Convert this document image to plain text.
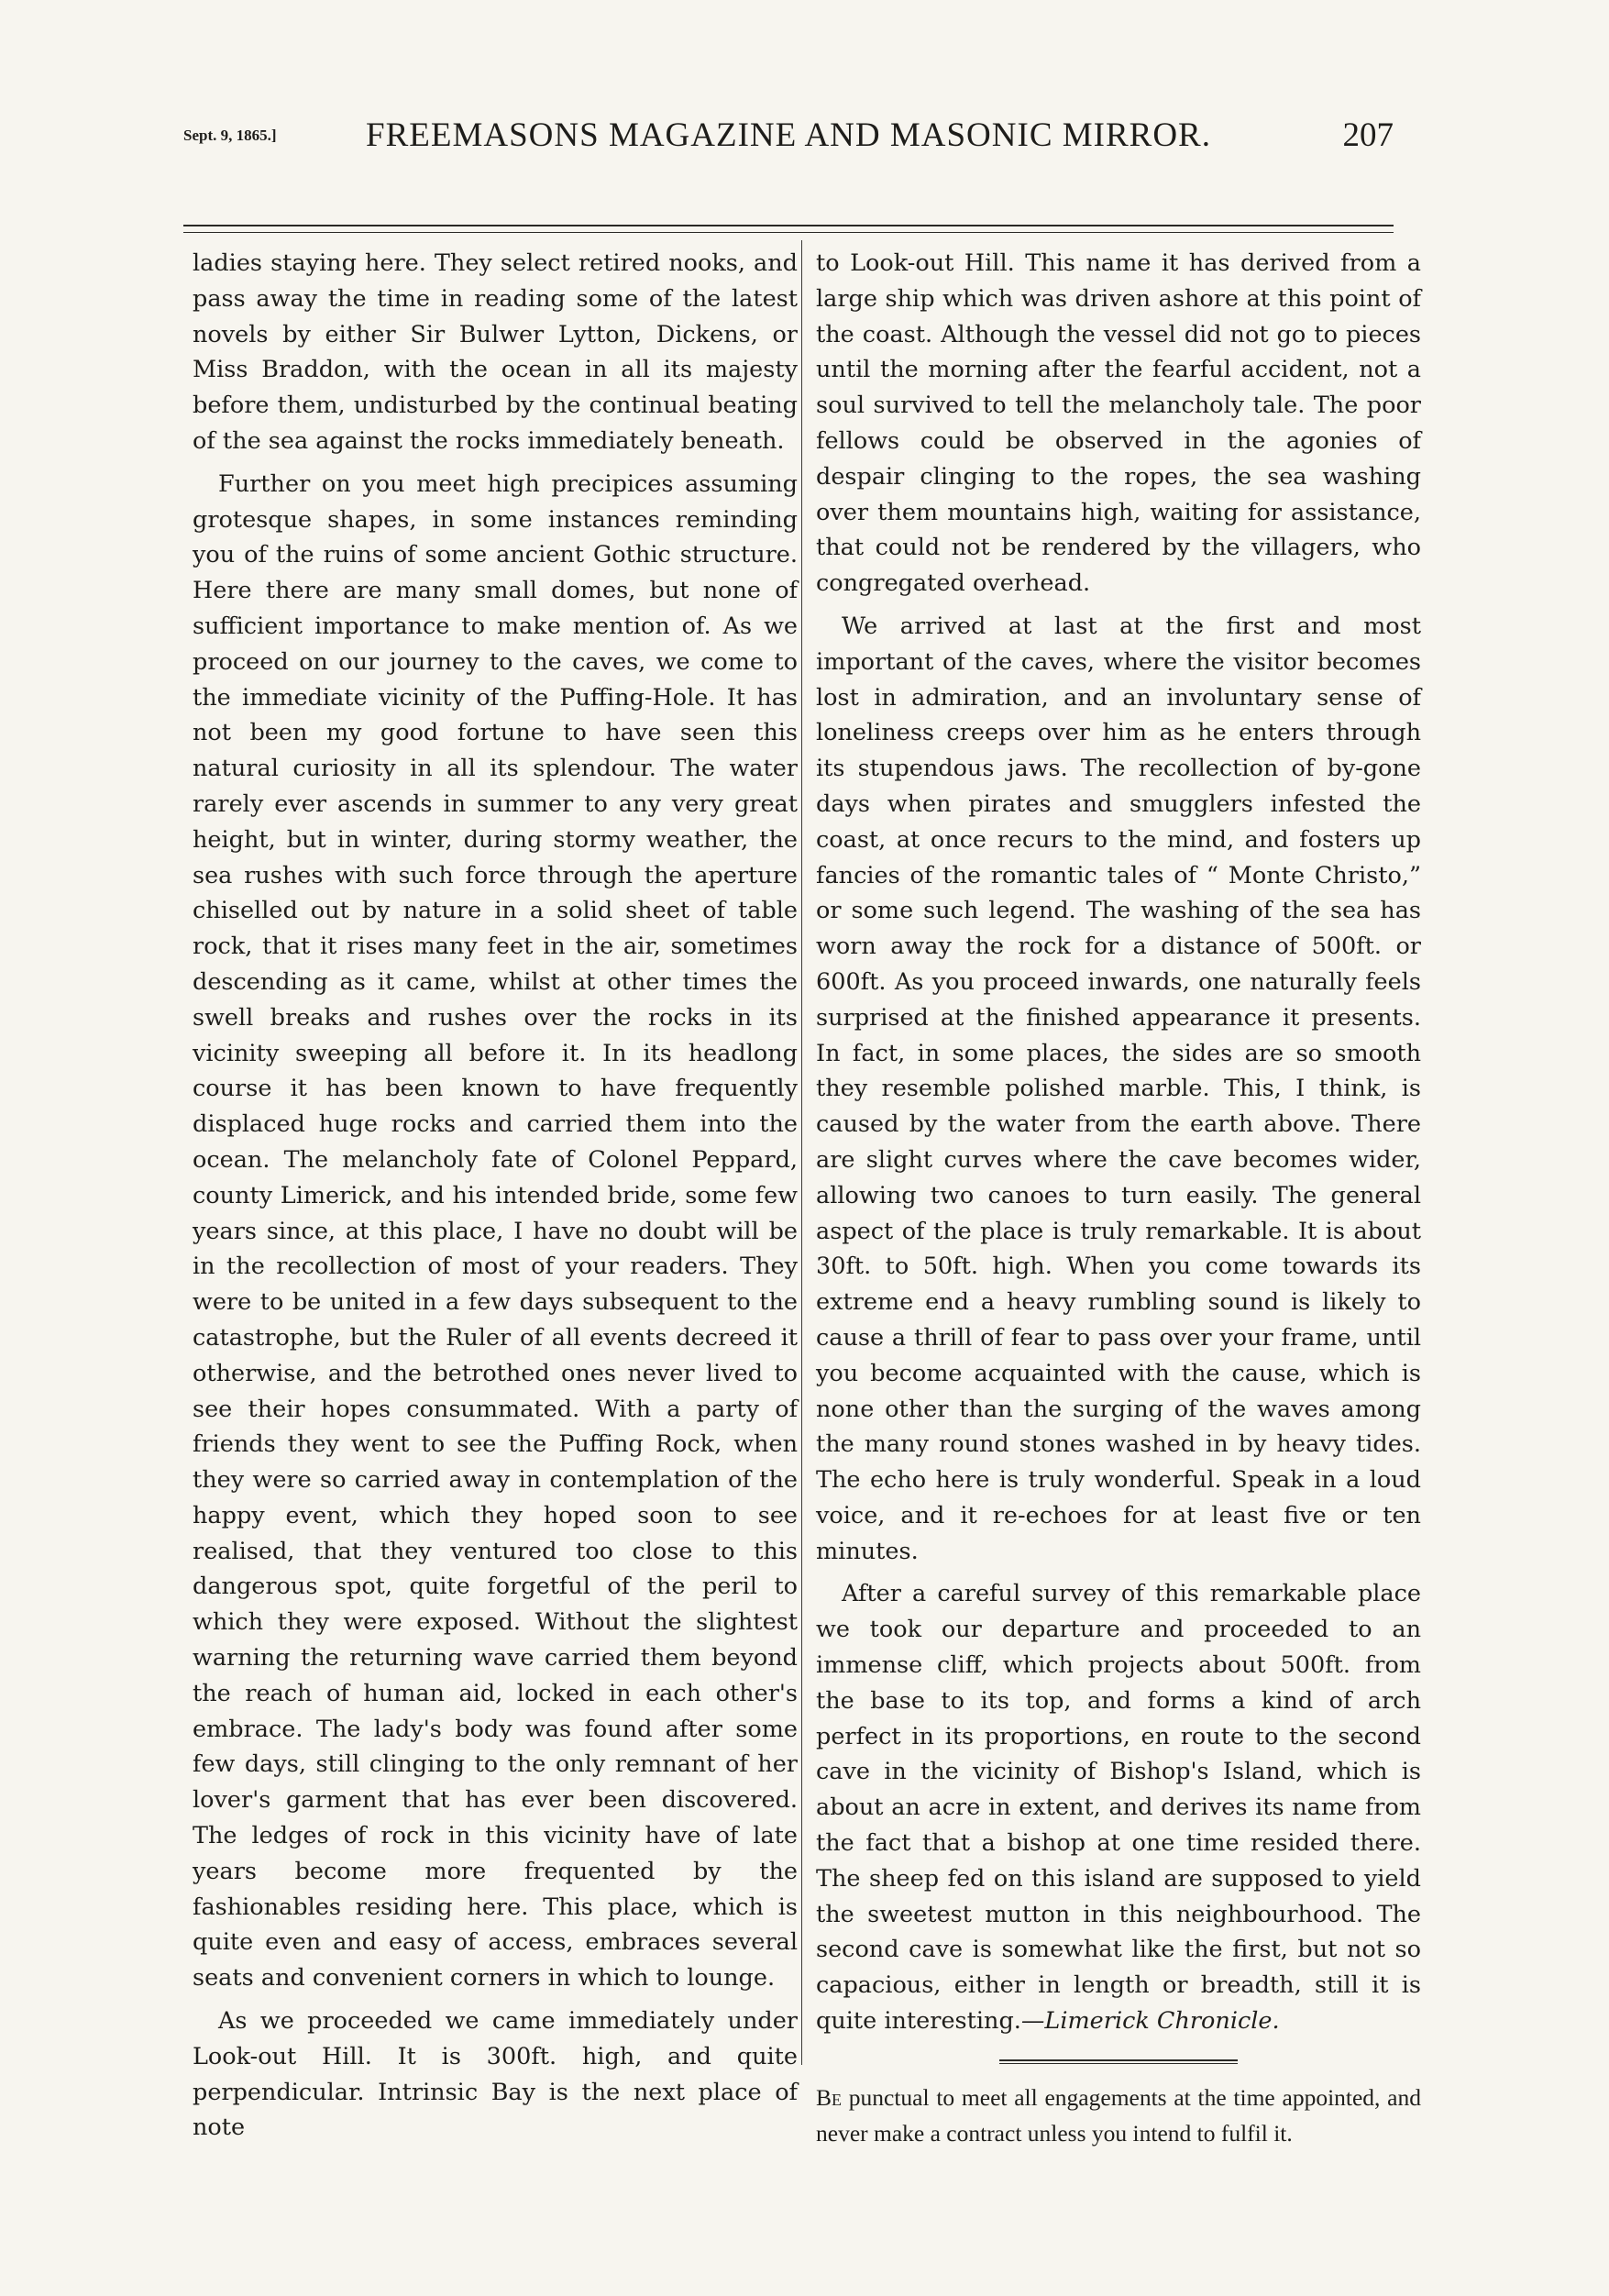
Sept. 9, 1865.]	FREEMASONS MAGAZINE AND MASONIC MIRROR.	207

ladies staying here. They select retired nooks, and pass away the time in reading some of the latest novels by either Sir Bulwer Lytton, Dickens, or Miss Braddon, with the ocean in all its majesty before them, undisturbed by the continual beating of the sea against the rocks immediately beneath.

Further on you meet high precipices assuming grotesque shapes, in some instances reminding you of the ruins of some ancient Gothic structure. Here there are many small domes, but none of sufficient importance to make mention of. As we proceed on our journey to the caves, we come to the immediate vicinity of the Puffing-Hole. It has not been my good fortune to have seen this natural curiosity in all its splendour. The water rarely ever ascends in summer to any very great height, but in winter, during stormy weather, the sea rushes with such force through the aperture chiselled out by nature in a solid sheet of table rock, that it rises many feet in the air, sometimes descending as it came, whilst at other times the swell breaks and rushes over the rocks in its vicinity sweeping all before it. In its headlong course it has been known to have frequently displaced huge rocks and carried them into the ocean. The melancholy fate of Colonel Peppard, county Limerick, and his intended bride, some few years since, at this place, I have no doubt will be in the recollection of most of your readers. They were to be united in a few days subsequent to the catastrophe, but the Ruler of all events decreed it otherwise, and the betrothed ones never lived to see their hopes consummated. With a party of friends they went to see the Puffing Rock, when they were so carried away in contemplation of the happy event, which they hoped soon to see realised, that they ventured too close to this dangerous spot, quite forgetful of the peril to which they were exposed. Without the slightest warning the returning wave carried them beyond the reach of human aid, locked in each other's embrace. The lady's body was found after some few days, still clinging to the only remnant of her lover's garment that has ever been discovered. The ledges of rock in this vicinity have of late years become more frequented by the fashionables residing here. This place, which is quite even and easy of access, embraces several seats and convenient corners in which to lounge.

As we proceeded we came immediately under Look-out Hill. It is 300ft. high, and quite perpendicular. Intrinsic Bay is the next place of note

to Look-out Hill. This name it has derived from a large ship which was driven ashore at this point of the coast. Although the vessel did not go to pieces until the morning after the fearful accident, not a soul survived to tell the melancholy tale. The poor fellows could be observed in the agonies of despair clinging to the ropes, the sea washing over them mountains high, waiting for assistance, that could not be rendered by the villagers, who congregated overhead.

We arrived at last at the first and most important of the caves, where the visitor becomes lost in admiration, and an involuntary sense of loneliness creeps over him as he enters through its stupendous jaws. The recollection of by-gone days when pirates and smugglers infested the coast, at once recurs to the mind, and fosters up fancies of the romantic tales of “ Monte Christo,” or some such legend. The washing of the sea has worn away the rock for a distance of 500ft. or 600ft. As you proceed inwards, one naturally feels surprised at the finished appearance it presents. In fact, in some places, the sides are so smooth they resemble polished marble. This, I think, is caused by the water from the earth above. There are slight curves where the cave becomes wider, allowing two canoes to turn easily. The general aspect of the place is truly remarkable. It is about 30ft. to 50ft. high. When you come towards its extreme end a heavy rumbling sound is likely to cause a thrill of fear to pass over your frame, until you become acquainted with the cause, which is none other than the surging of the waves among the many round stones washed in by heavy tides. The echo here is truly wonderful. Speak in a loud voice, and it re-echoes for at least five or ten minutes.

After a careful survey of this remarkable place we took our departure and proceeded to an immense cliff, which projects about 500ft. from the base to its top, and forms a kind of arch perfect in its proportions, en route to the second cave in the vicinity of Bishop's Island, which is about an acre in extent, and derives its name from the fact that a bishop at one time resided there. The sheep fed on this island are supposed to yield the sweetest mutton in this neighbourhood. The second cave is somewhat like the first, but not so capacious, either in length or breadth, still it is quite interesting.—Limerick Chronicle.

Be punctual to meet all engagements at the time appointed, and never make a contract unless you intend to fulfil it.
